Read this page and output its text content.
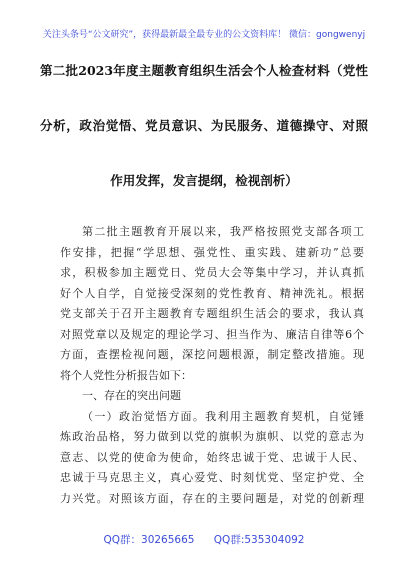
关注头条号“公文研究”，获得最新最全最专业的公文资料库！ 微信：gongwenyj
第二批2023年度主题教育组织生活会个人检查材料（党性
分析，政治觉悟、党员意识、为民服务、道德操守、对照
作用发挥，发言提纲，检视剖析）
第二批主题教育开展以来，我严格按照党支部各项工
作安排，把握“学思想、强党性、重实践、建新功”总要
求，积极参加主题党日、党员大会等集中学习，并认真抓
好个人自学，自觉接受深刻的党性教育、精神洗礼。根据
党支部关于召开主题教育专题组织生活会的要求，我认真
对照党章以及规定的理论学习、担当作为、廉洁自律等6个
方面，查摆检视问题，深挖问题根源，制定整改措施。现
将个人党性分析报告如下：
一、存在的突出问题
（一）政治觉悟方面。我利用主题教育契机，自觉锤
炼政治品格，努力做到以党的旗帜为旗帜、以党的意志为
意志、以党的使命为使命，始终忠诚于党、忠诚于人民、
忠诚于马克思主义，真心爱党、时刻忧党、坚定护党、全
力兴党。对照该方面，存在的主要问题是，对党的创新理
QQ群：30265665 QQ群:535304092
